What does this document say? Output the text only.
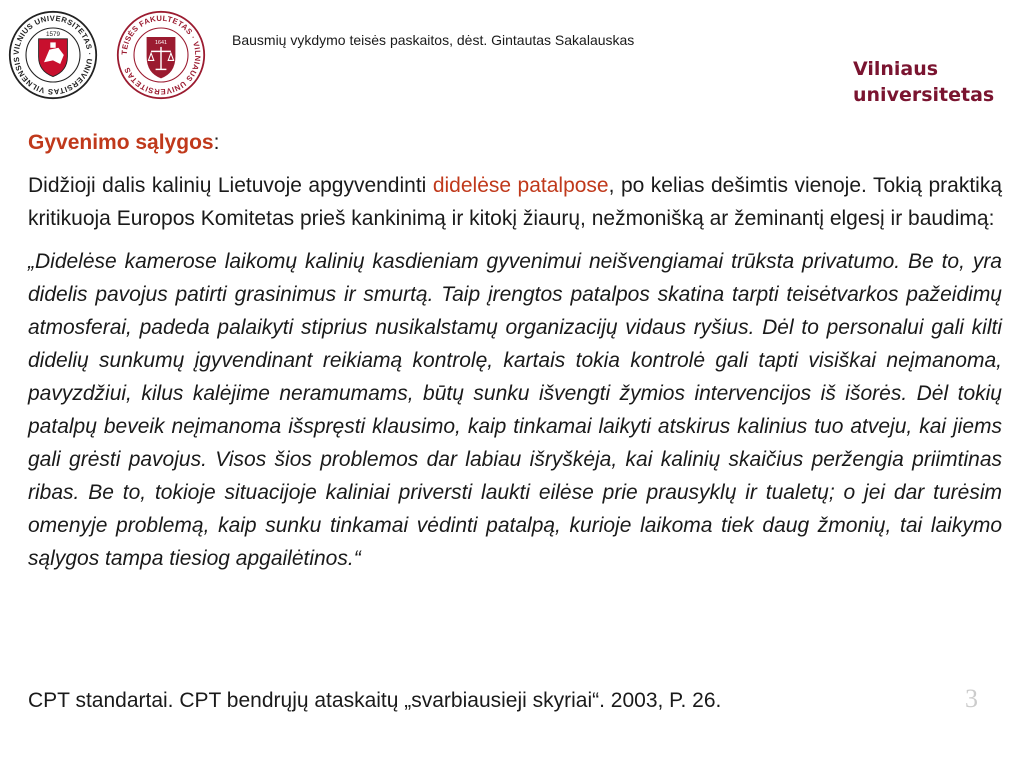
VILNIUS UNIVERSITETAS · UNIVERSITAS VILNENSIS
1579
TEISĖS FAKULTETAS · VILNIAUS UNIVERSITETAS
1641	Bausmių vykdymo teisės paskaitos, dėst. Gintautas Sakalauskas
Vilniaus
universitetas

Gyvenimo sąlygos:

Didžioji dalis kalinių Lietuvoje apgyvendinti didelėse patalpose, po kelias dešimtis vienoje. Tokią praktiką kritikuoja Europos Komitetas prieš kankinimą ir kitokį žiaurų, nežmonišką ar žeminantį elgesį ir baudimą:

„Didelėse kamerose laikomų kalinių kasdieniam gyvenimui neišvengiamai trūksta privatumo. Be to, yra didelis pavojus patirti grasinimus ir smurtą. Taip įrengtos patalpos skatina tarpti teisėtvarkos pažeidimų atmosferai, padeda palaikyti stiprius nusikalstamų organizacijų vidaus ryšius. Dėl to personalui gali kilti didelių sunkumų įgyvendinant reikiamą kontrolę, kartais tokia kontrolė gali tapti visiškai neįmanoma, pavyzdžiui, kilus kalėjime neramumams, būtų sunku išvengti žymios intervencijos iš išorės. Dėl tokių patalpų beveik neįmanoma išspręsti klausimo, kaip tinkamai laikyti atskirus kalinius tuo atveju, kai jiems gali grėsti pavojus. Visos šios problemos dar labiau išryškėja, kai kalinių skaičius peržengia priimtinas ribas. Be to, tokioje situacijoje kaliniai priversti laukti eilėse prie prausyklų ir tualetų; o jei dar turėsim omenyje problemą, kaip sunku tinkamai vėdinti patalpą, kurioje laikoma tiek daug žmonių, tai laikymo sąlygos tampa tiesiog apgailėtinos.“

CPT standartai. CPT bendrųjų ataskaitų „svarbiausieji skyriai“. 2003, P. 26.	3
